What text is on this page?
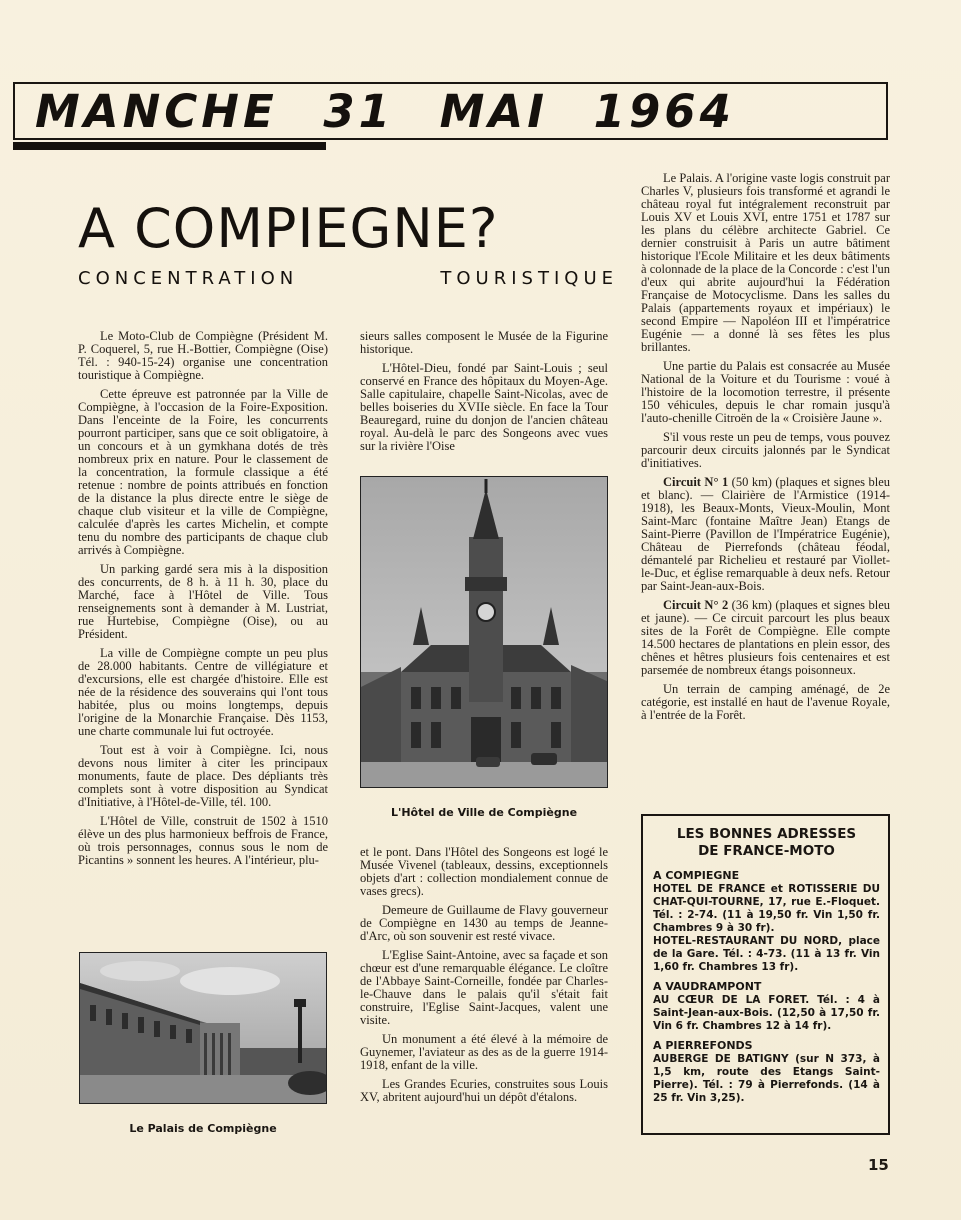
MANCHE 31 MAI 1964
A COMPIEGNE?
CONCENTRATION	TOURISTIQUE

Le Moto-Club de Compiègne (Président M. P. Coquerel, 5, rue H.-Bottier, Compiègne (Oise) Tél. : 940-15-24) organise une concentration touristique à Compiègne.

Cette épreuve est patronnée par la Ville de Compiègne, à l'occasion de la Foire-Exposition. Dans l'enceinte de la Foire, les concurrents pourront participer, sans que ce soit obligatoire, à un concours et à un gymkhana dotés de très nombreux prix en nature. Pour le classement de la concentration, la formule classique a été retenue : nombre de points attribués en fonction de la distance la plus directe entre le siège de chaque club visiteur et la ville de Compiègne, calculée d'après les cartes Michelin, et compte tenu du nombre des participants de chaque club arrivés à Compiègne.

Un parking gardé sera mis à la disposition des concurrents, de 8 h. à 11 h. 30, place du Marché, face à l'Hôtel de Ville. Tous renseignements sont à demander à M. Lustriat, rue Hurtebise, Compiègne (Oise), ou au Président.

La ville de Compiègne compte un peu plus de 28.000 habitants. Centre de villégiature et d'excursions, elle est chargée d'histoire. Elle est née de la résidence des souverains qui l'ont tous habitée, plus ou moins longtemps, depuis l'origine de la Monarchie Française. Dès 1153, une charte communale lui fut octroyée.

Tout est à voir à Compiègne. Ici, nous devons nous limiter à citer les principaux monuments, faute de place. Des dépliants très complets sont à votre disposition au Syndicat d'Initiative, à l'Hôtel-de-Ville, tél. 100.

L'Hôtel de Ville, construit de 1502 à 1510 élève un des plus harmonieux beffrois de France, où trois personnages, connus sous le nom de Picantins » sonnent les heures. A l'intérieur, plu-

Le Palais de Compiègne

sieurs salles composent le Musée de la Figurine historique.

L'Hôtel-Dieu, fondé par Saint-Louis ; seul conservé en France des hôpitaux du Moyen-Age. Salle capitulaire, chapelle Saint-Nicolas, avec de belles boiseries du XVIIe siècle. En face la Tour Beauregard, ruine du donjon de l'ancien château royal. Au-delà le parc des Songeons avec vues sur la rivière l'Oise

L'Hôtel de Ville de Compiègne

et le pont. Dans l'Hôtel des Songeons est logé le Musée Vivenel (tableaux, dessins, exceptionnels objets d'art : collection mondialement connue de vases grecs).

Demeure de Guillaume de Flavy gouverneur de Compiègne en 1430 au temps de Jeanne-d'Arc, où son souvenir est resté vivace.

L'Eglise Saint-Antoine, avec sa façade et son chœur est d'une remarquable élégance. Le cloître de l'Abbaye Saint-Corneille, fondée par Charles-le-Chauve dans le palais qu'il s'était fait construire, l'Eglise Saint-Jacques, valent une visite.

Un monument a été élevé à la mémoire de Guynemer, l'aviateur as des as de la guerre 1914-1918, enfant de la ville.

Les Grandes Ecuries, construites sous Louis XV, abritent aujourd'hui un dépôt d'étalons.

Le Palais. A l'origine vaste logis construit par Charles V, plusieurs fois transformé et agrandi le château royal fut intégralement reconstruit par Louis XV et Louis XVI, entre 1751 et 1787 sur les plans du célèbre architecte Gabriel. Ce dernier construisit à Paris un autre bâtiment historique l'Ecole Militaire et les deux bâtiments à colonnade de la place de la Concorde : c'est l'un d'eux qui abrite aujourd'hui la Fédération Française de Motocyclisme. Dans les salles du Palais (appartements royaux et impériaux) le second Empire — Napoléon III et l'impératrice Eugénie — a donné là ses fêtes les plus brillantes.

Une partie du Palais est consacrée au Musée National de la Voiture et du Tourisme : voué à l'histoire de la locomotion terrestre, il présente 150 véhicules, depuis le char romain jusqu'à l'auto-chenille Citroën de la « Croisière Jaune ».

S'il vous reste un peu de temps, vous pouvez parcourir deux circuits jalonnés par le Syndicat d'initiatives.

Circuit N° 1 (50 km) (plaques et signes bleu et blanc). — Clairière de l'Armistice (1914-1918), les Beaux-Monts, Vieux-Moulin, Mont Saint-Marc (fontaine Maître Jean) Etangs de Saint-Pierre (Pavillon de l'Impératrice Eugénie), Château de Pierrefonds (château féodal, démantelé par Richelieu et restauré par Viollet-le-Duc, et église remarquable à deux nefs. Retour par Saint-Jean-aux-Bois.

Circuit N° 2 (36 km) (plaques et signes bleu et jaune). — Ce circuit parcourt les plus beaux sites de la Forêt de Compiègne. Elle compte 14.500 hectares de plantations en plein essor, des chênes et hêtres plusieurs fois centenaires et est parsemée de nombreux étangs poisonneux.

Un terrain de camping aménagé, de 2e catégorie, est installé en haut de l'avenue Royale, à l'entrée de la Forêt.

LES BONNES ADRESSES
DE FRANCE-MOTO
A COMPIEGNE
HOTEL DE FRANCE et ROTISSERIE DU CHAT-QUI-TOURNE, 17, rue E.-Floquet. Tél. : 2-74. (11 à 19,50 fr. Vin 1,50 fr. Chambres 9 à 30 fr).
HOTEL-RESTAURANT DU NORD, place de la Gare. Tél. : 4-73. (11 à 13 fr. Vin 1,60 fr. Chambres 13 fr).
A VAUDRAMPONT
AU CŒUR DE LA FORET. Tél. : 4 à Saint-Jean-aux-Bois. (12,50 à 17,50 fr. Vin 6 fr. Chambres 12 à 14 fr).
A PIERREFONDS
AUBERGE DE BATIGNY (sur N 373, à 1,5 km, route des Etangs Saint-Pierre). Tél. : 79 à Pierrefonds. (14 à 25 fr. Vin 3,25).
15
